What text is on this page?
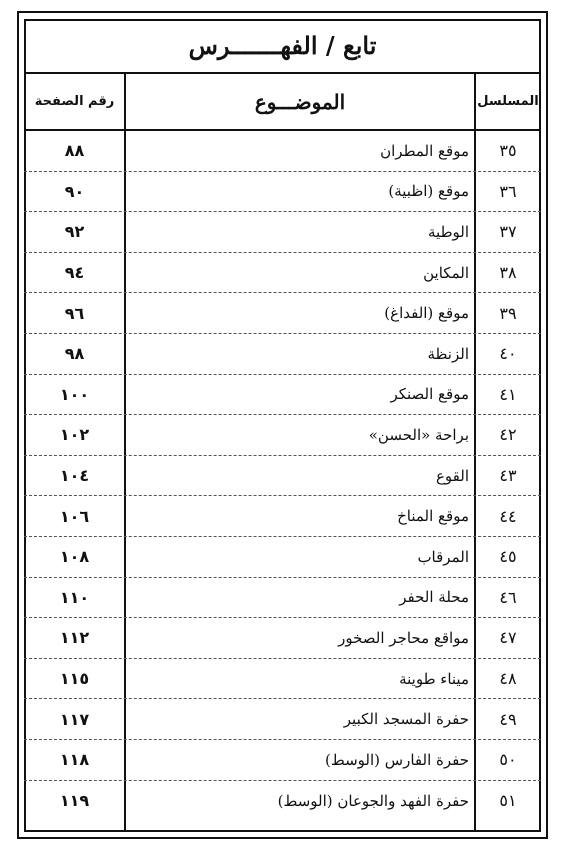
تابع / الفهـــــــرس
رقم الصفحة	الموضـــوع	المسلسل
٨٨	موقع المطران	٣٥
٩٠	موقع (اظبية)	٣٦
٩٢	الوطية	٣٧
٩٤	المكاين	٣٨
٩٦	موقع (الفداغ)	٣٩
٩٨	الزنظة	٤٠
١٠٠	موقع الصنكر	٤١
١٠٢	براحة «الحسن»	٤٢
١٠٤	القوع	٤٣
١٠٦	موقع المناخ	٤٤
١٠٨	المرقاب	٤٥
١١٠	محلة الحفر	٤٦
١١٢	مواقع محاجر الصخور	٤٧
١١٥	ميناء طوينة	٤٨
١١٧	حفرة المسجد الكبير	٤٩
١١٨	حفرة الفارس (الوسط)	٥٠
١١٩	حفرة الفهد والجوعان (الوسط)	٥١
